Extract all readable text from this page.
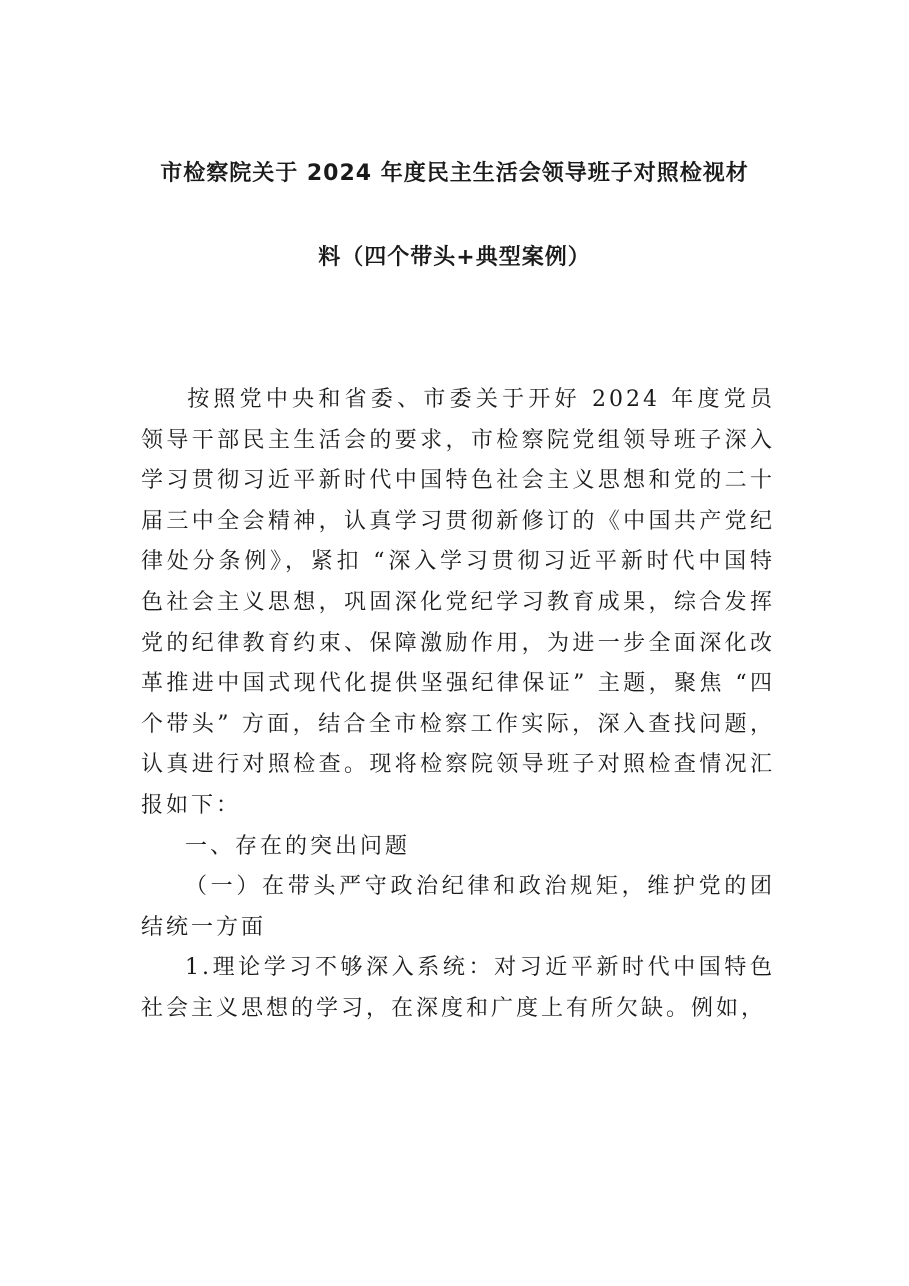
市检察院关于 2024 年度民主生活会领导班子对照检视材
料（四个带头+典型案例）

按照党中央和省委、市委关于开好 2024 年度党员领导干部民主生活会的要求，市检察院党组领导班子深入学习贯彻习近平新时代中国特色社会主义思想和党的二十届三中全会精神，认真学习贯彻新修订的《中国共产党纪律处分条例》，紧扣 “深入学习贯彻习近平新时代中国特色社会主义思想，巩固深化党纪学习教育成果，综合发挥党的纪律教育约束、保障激励作用，为进一步全面深化改革推进中国式现代化提供坚强纪律保证” 主题，聚焦 “四个带头” 方面，结合全市检察工作实际，深入查找问题，认真进行对照检查。现将检察院领导班子对照检查情况汇报如下：

一、存在的突出问题

（一）在带头严守政治纪律和政治规矩，维护党的团结统一方面

1.理论学习不够深入系统：对习近平新时代中国特色社会主义思想的学习，在深度和广度上有所欠缺。例如，
